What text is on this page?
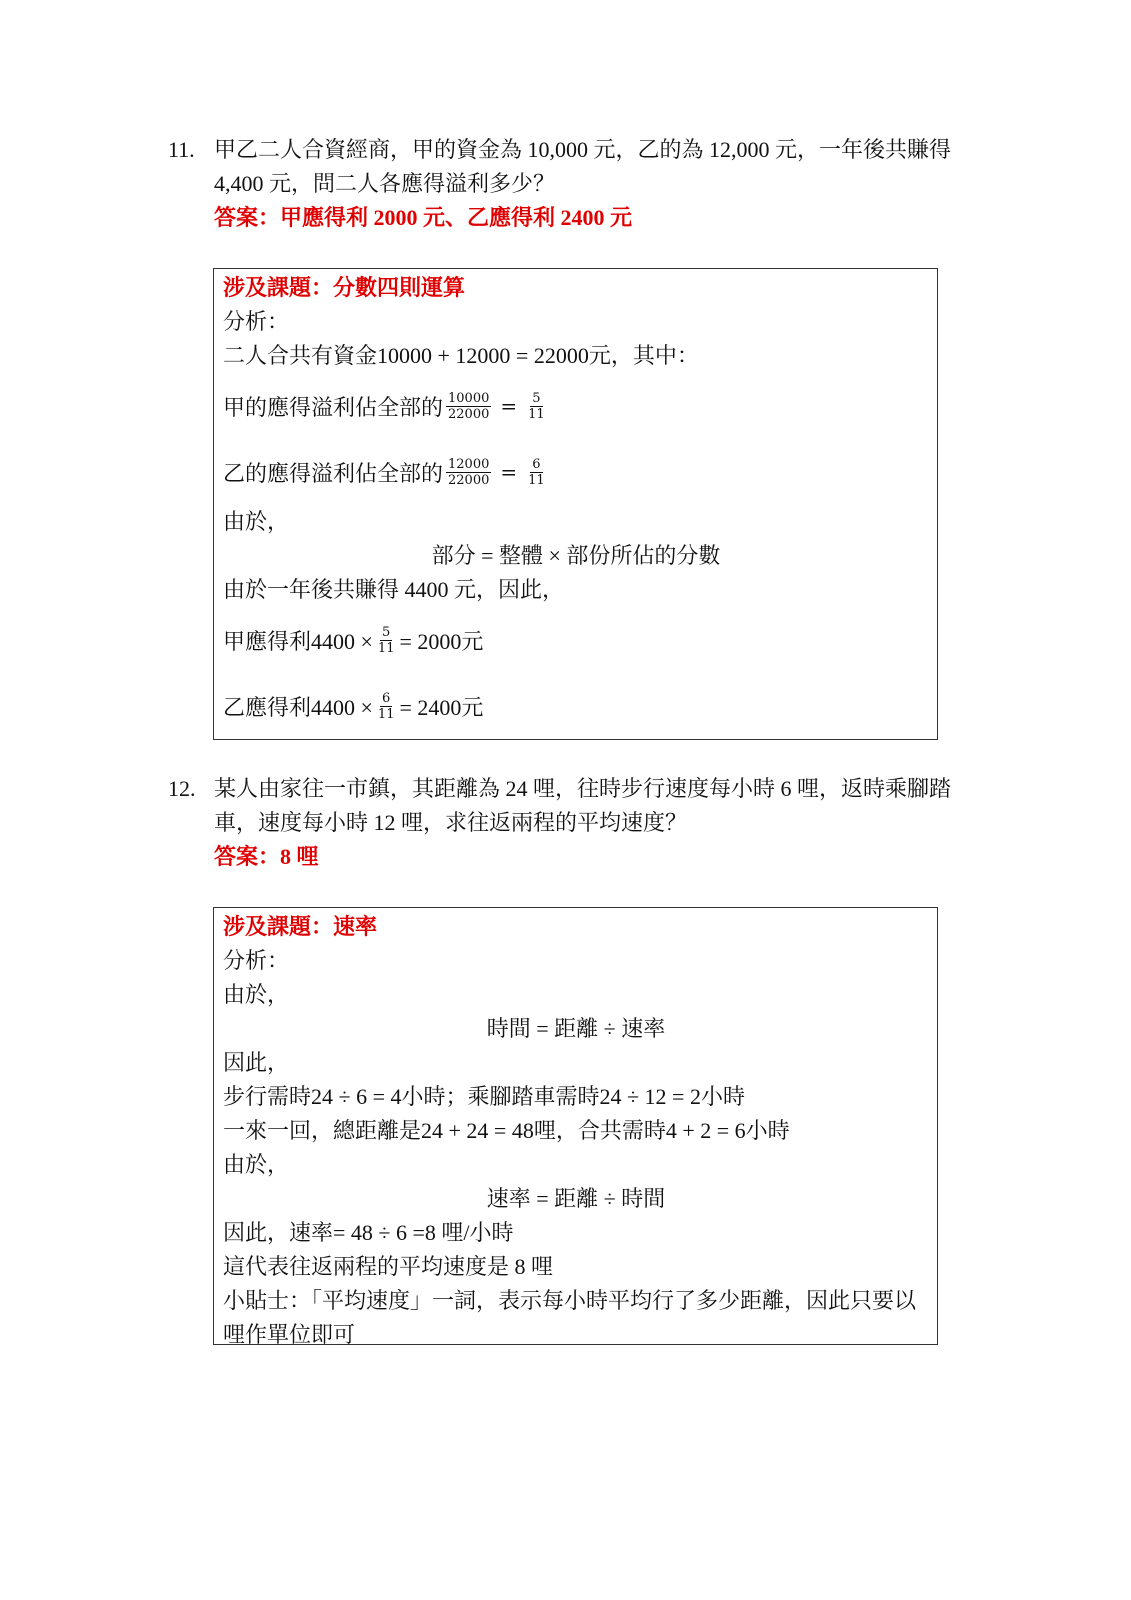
11. 甲乙二人合資經商，甲的資金為 10,000 元，乙的為 12,000 元，一年後共賺得 4,400 元，問二人各應得溢利多少？
答案：甲應得利 2000 元、乙應得利 2400 元
涉及課題：分數四則運算
分析：
二人合共有資金10000 + 12000 = 22000元，其中：
甲的應得溢利佔全部的 $\frac{10000}{22000} = \frac{5}{11}$
乙的應得溢利佔全部的 $\frac{12000}{22000} = \frac{6}{11}$
由於，
部分 = 整體 × 部份所佔的分數
由於一年後共賺得 4400 元，因此，
甲應得利$4400 \times \frac{5}{11} = 2000$元
乙應得利$4400 \times \frac{6}{11} = 2400$元
12. 某人由家往一市鎮，其距離為 24 哩，往時步行速度每小時 6 哩，返時乘腳踏車，速度每小時 12 哩，求往返兩程的平均速度？
答案：8 哩
涉及課題：速率
分析：
由於，
時間 = 距離 ÷ 速率
因此，
步行需時24 ÷ 6 = 4小時；乘腳踏車需時24 ÷ 12 = 2小時
一來一回，總距離是24 + 24 = 48哩，合共需時4 + 2 = 6小時
由於，
速率 = 距離 ÷ 時間
因此，速率= 48 ÷ 6 =8 哩/小時
這代表往返兩程的平均速度是 8 哩
小貼士：「平均速度」一詞，表示每小時平均行了多少距離，因此只要以哩作單位即可
